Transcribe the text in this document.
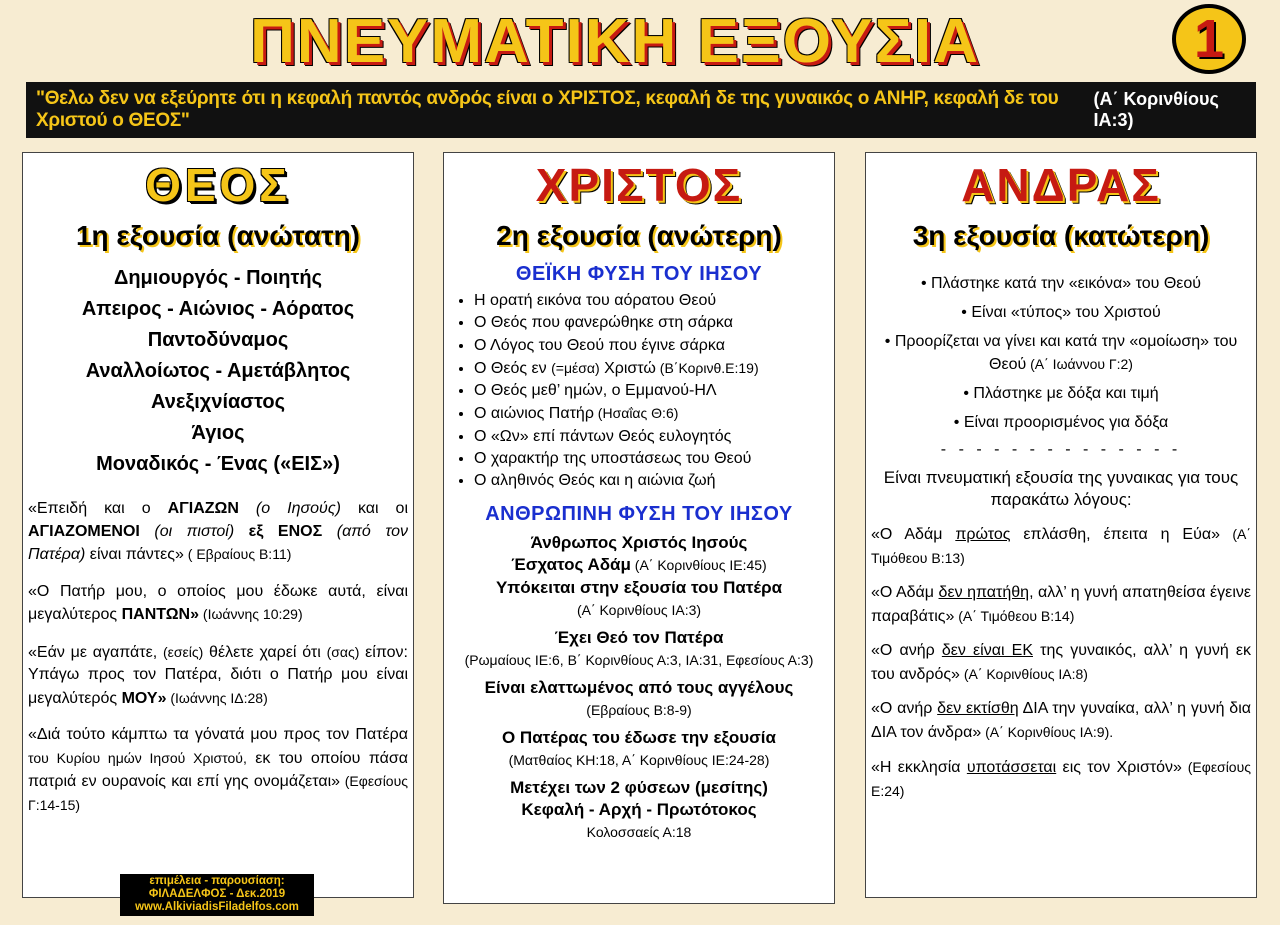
ΠΝΕΥΜΑΤΙΚΗ ΕΞΟΥΣΙΑ	1
"Θελω δεν να εξεύρητε ότι η κεφαλή παντός ανδρός είναι ο ΧΡΙΣΤΟΣ, κεφαλή δε της γυναικός ο ΑΝΗΡ, κεφαλή δε του Χριστού ο ΘΕΟΣ"
(Α΄ Κορινθίους ΙΑ:3)
ΘΕΟΣ
1η εξουσία (ανώτατη)
Δημιουργός - Ποιητής
Απειρος - Αιώνιος - Αόρατος
Παντοδύναμος
Αναλλοίωτος - Αμετάβλητος
Ανεξιχνίαστος
Άγιος
Μοναδικός - Ένας («ΕΙΣ»)
«Επειδή και ο ΑΓΙΑΖΩΝ (ο Ιησούς) και οι ΑΓΙΑΖΟΜΕΝΟΙ (οι πιστοί) εξ ΕΝΟΣ (από τον Πατέρα) είναι πάντες» ( Εβραίους Β:11)
«Ο Πατήρ μου, ο οποίος μου έδωκε αυτά, είναι μεγαλύτερος ΠΑΝΤΩΝ» (Ιωάννης 10:29)
«Εάν με αγαπάτε, (εσείς) θέλετε χαρεί ότι (σας) είπον: Υπάγω προς τον Πατέρα, διότι ο Πατήρ μου είναι μεγαλύτερός ΜΟΥ» (Ιωάννης ΙΔ:28)
«Διά τούτο κάμπτω τα γόνατά μου προς τον Πατέρα του Κυρίου ημών Ιησού Χριστού, εκ του οποίου πάσα πατριά εν ουρανοίς και επί γης ονομάζεται» (Εφεσίους Γ:14-15)
ΧΡΙΣΤΟΣ
2η εξουσία (ανώτερη)
ΘΕΪΚΗ ΦΥΣΗ ΤΟΥ ΙΗΣΟΥ
• Η ορατή εικόνα του αόρατου Θεού
• Ο Θεός που φανερώθηκε στη σάρκα
• Ο Λόγος του Θεού που έγινε σάρκα
• Ο Θεός εν (=μέσα) Χριστώ (Β΄Κορινθ.Ε:19)
• Ο Θεός μεθ’ ημών, ο Εμμανού-ΗΛ
• Ο αιώνιος Πατήρ (Ησαΐας Θ:6)
• Ο «Ων» επί πάντων Θεός ευλογητός
• Ο χαρακτήρ της υποστάσεως του Θεού
• Ο αληθινός Θεός και η αιώνια ζωή
ΑΝΘΡΩΠΙΝΗ ΦΥΣΗ ΤΟΥ ΙΗΣΟΥ
Άνθρωπος Χριστός Ιησούς
Έσχατος Αδάμ (Α΄ Κορινθίους ΙΕ:45)
Υπόκειται στην εξουσία του Πατέρα
(Α΄ Κορινθίους ΙΑ:3)
Έχει Θεό τον Πατέρα
(Ρωμαίους ΙΕ:6, Β΄ Κορινθίους Α:3, ΙΑ:31, Εφεσίους Α:3)
Είναι ελαττωμένος από τους αγγέλους
(Εβραίους Β:8-9)
Ο Πατέρας του έδωσε την εξουσία
(Ματθαίος ΚΗ:18, Α΄ Κορινθίους ΙΕ:24-28)
Μετέχει των 2 φύσεων (μεσίτης)
Κεφαλή - Αρχή - Πρωτότοκος
Κολοσσαείς Α:18
ΑΝΔΡΑΣ
3η εξουσία (κατώτερη)
• Πλάστηκε κατά την «εικόνα» του Θεού
• Είναι «τύπος» του Χριστού
• Προορίζεται να γίνει και κατά την «ομοίωση» του Θεού (Α΄ Ιωάννου Γ:2)
• Πλάστηκε με δόξα και τιμή
• Είναι προορισμένος για δόξα
- - - - - - - - - - - - - -
Είναι πνευματική εξουσία της γυναικας για τους παρακάτω λόγους:
«Ο Αδάμ πρώτος επλάσθη, έπειτα η Εύα» (Α΄ Τιμόθεου Β:13)
«Ο Αδάμ δεν ηπατήθη, αλλ’ η γυνή απατηθείσα έγεινε παραβάτις» (Α΄ Τιμόθεου Β:14)
«Ο ανήρ δεν είναι ΕΚ της γυναικός, αλλ’ η γυνή εκ του ανδρός» (Α΄ Κορινθίους ΙΑ:8)
«Ο ανήρ δεν εκτίσθη ΔΙΑ την γυναίκα, αλλ’ η γυνή δια ΔΙΑ τον άνδρα» (Α΄ Κορινθίους ΙΑ:9).
«Η εκκλησία υποτάσσεται εις τον Χριστόν» (Εφεσίους Ε:24)
επιμέλεια - παρουσίαση:
ΦΙΛΑΔΕΛΦΟΣ - Δεκ.2019
www.AlkiviadisFiladelfos.com
